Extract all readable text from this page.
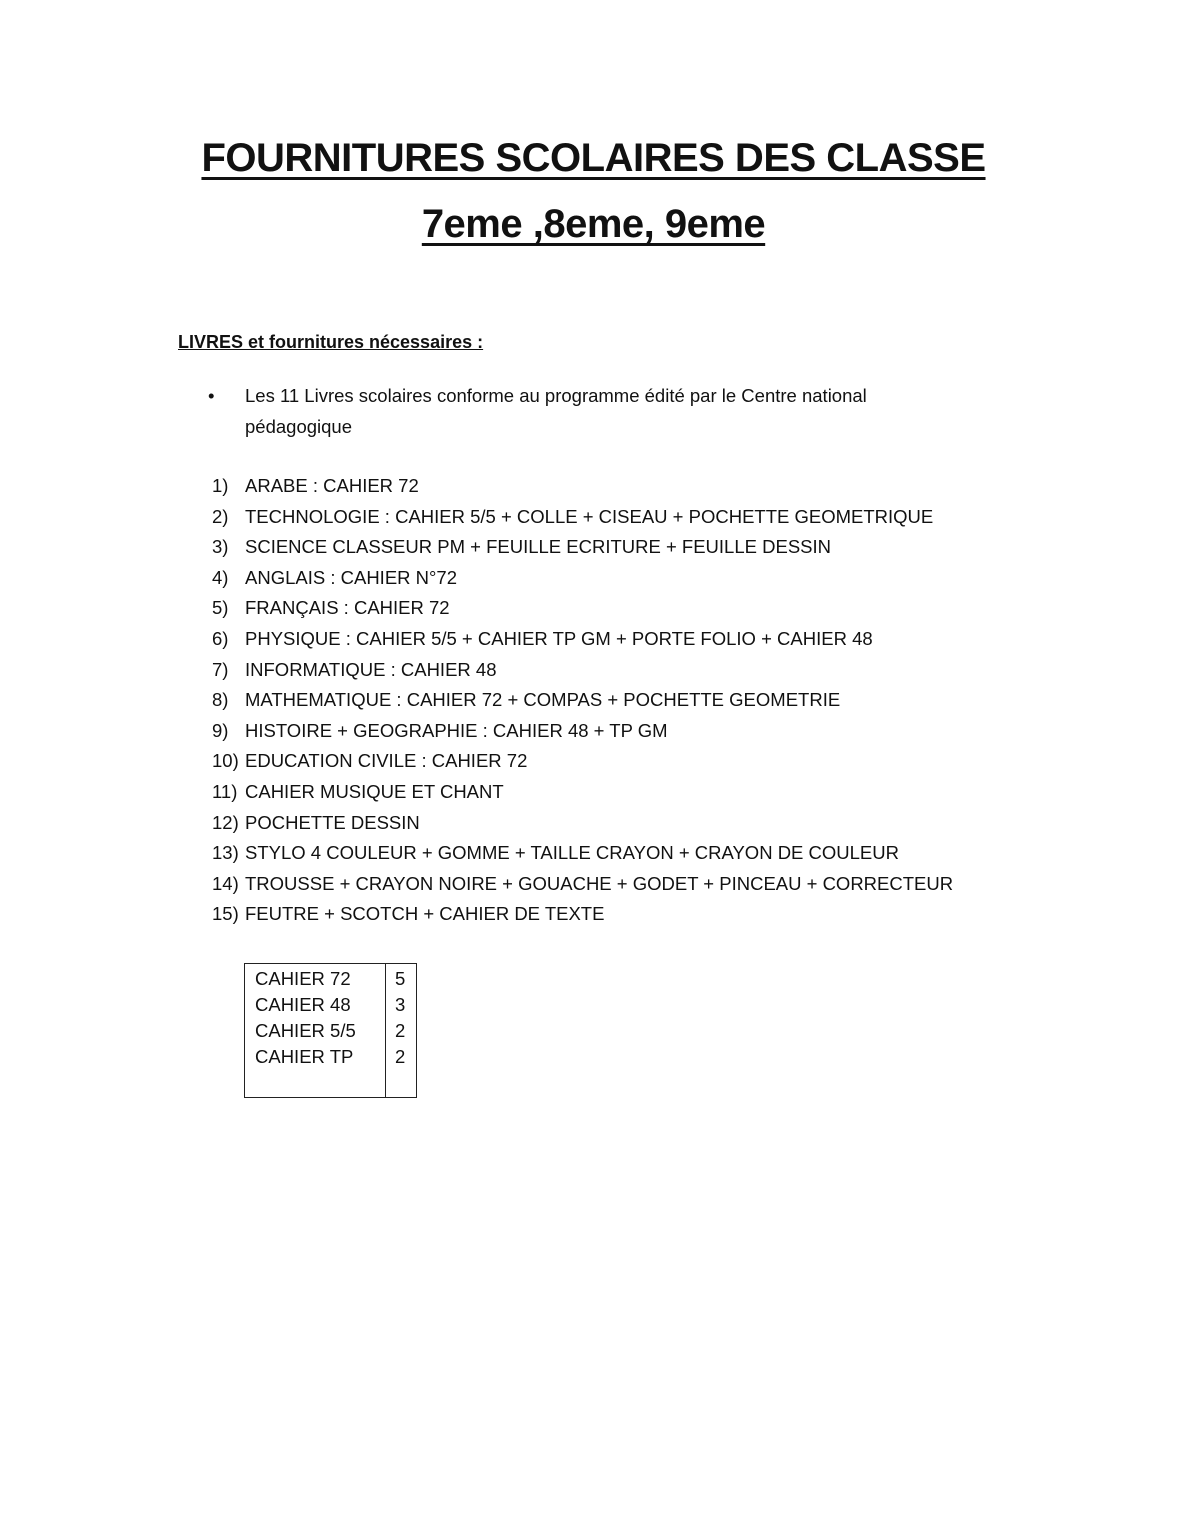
FOURNITURES SCOLAIRES DES CLASSE
7eme ,8eme, 9eme

LIVRES et fournitures nécessaires :

•	Les 11 Livres scolaires conforme au programme édité par le Centre national pédagogique
1) ARABE : CAHIER 72
2) TECHNOLOGIE : CAHIER 5/5 + COLLE + CISEAU + POCHETTE GEOMETRIQUE
3) SCIENCE CLASSEUR PM + FEUILLE ECRITURE + FEUILLE DESSIN
4) ANGLAIS : CAHIER N°72
5) FRANÇAIS : CAHIER 72
6) PHYSIQUE : CAHIER 5/5 + CAHIER TP GM + PORTE FOLIO + CAHIER 48
7) INFORMATIQUE : CAHIER 48
8) MATHEMATIQUE : CAHIER 72 + COMPAS + POCHETTE GEOMETRIE
9) HISTOIRE + GEOGRAPHIE : CAHIER 48 + TP GM
10) EDUCATION CIVILE : CAHIER 72
11) CAHIER MUSIQUE ET CHANT
12) POCHETTE DESSIN
13) STYLO 4 COULEUR + GOMME + TAILLE CRAYON + CRAYON DE COULEUR
14) TROUSSE + CRAYON NOIRE + GOUACHE + GODET + PINCEAU + CORRECTEUR
15) FEUTRE + SCOTCH + CAHIER DE TEXTE
CAHIER 72 5
CAHIER 48 3
CAHIER 5/5 2
CAHIER TP 2
